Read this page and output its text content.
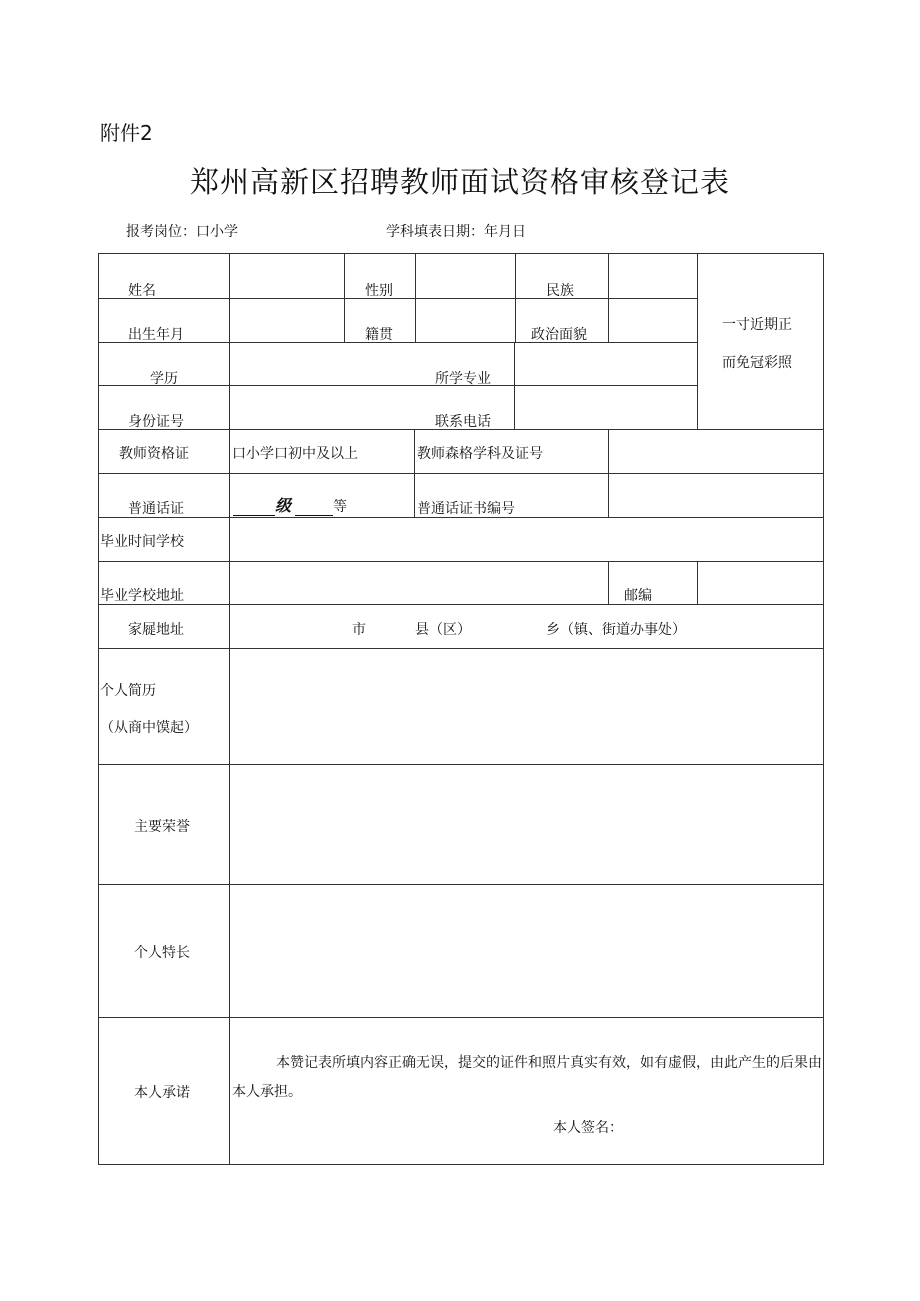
附件2
郑州高新区招聘教师面试资格审核登记表
报考岗位：口小学	学科填表日期：年月日
姓名	性别	民族
出生年月	籍贯	政治面貌
一寸近期正
而免冠彩照
学历	所学专业
身份证号	联系电话
教师资格证	口小学口初中及以上	教师森格学科及证号
普通话证	级	等	普通话证书编号
毕业时间学校
毕业学校地址	邮编
家屣地址	市	县（区）	乡（镇、街道办事处）
个人简历
（从商中馍起）
主要荣誉
个人特长
本人承诺
本赞记表所填内容正确无误，提交的证件和照片真实有效，如有虚假，由此产生的后果由本人承担。
本人签名：
